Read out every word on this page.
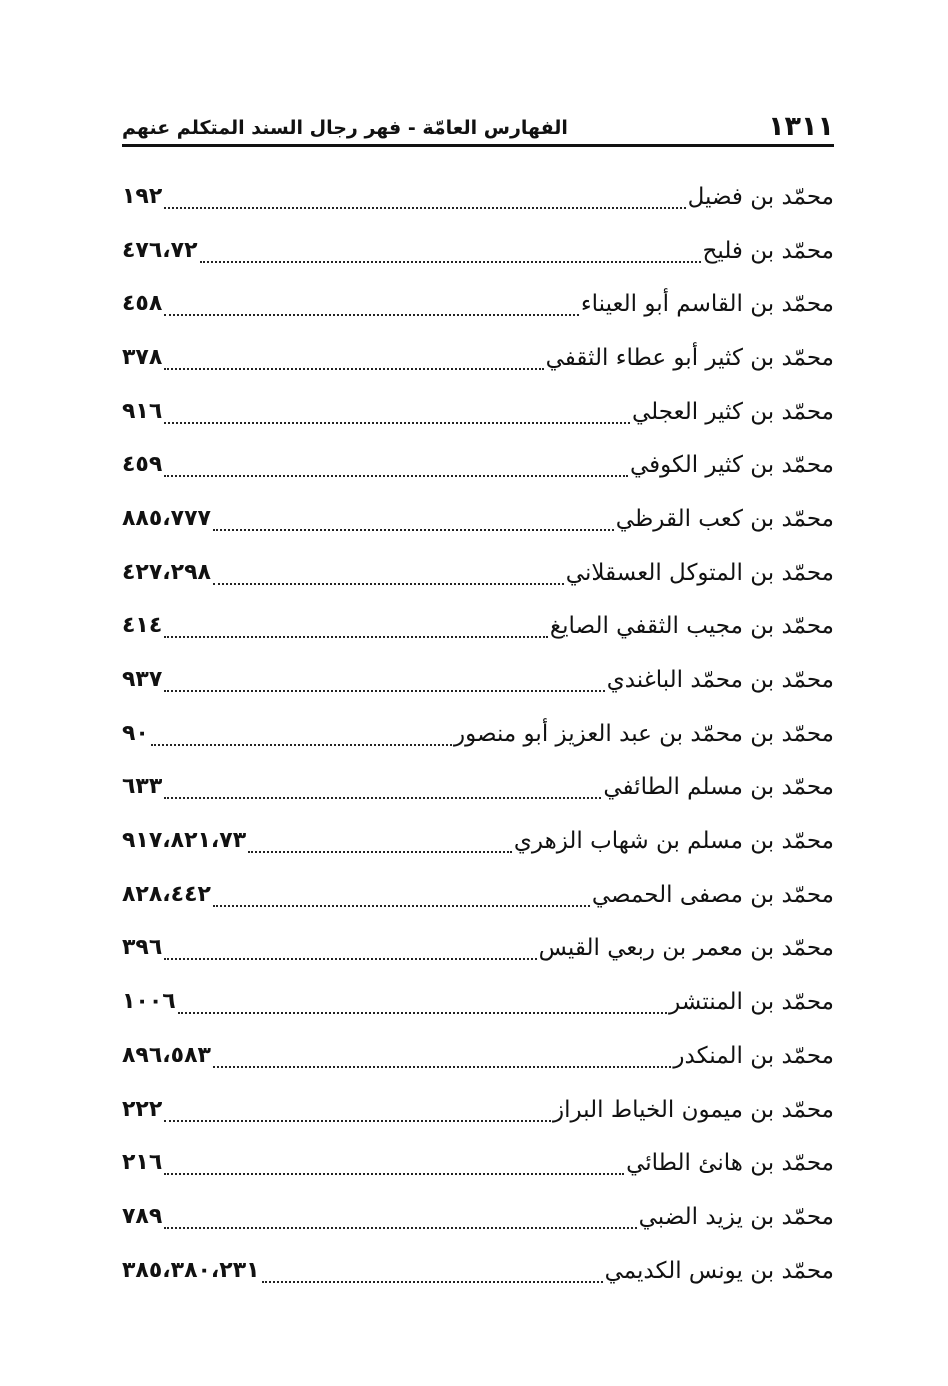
١٣١١
الفهارس العامّة - فهر رجال السند المتكلم عنهم
محمّد بن فضيل
١٩٢
محمّد بن فليح
٤٧٦،٧٢
محمّد بن القاسم أبو العيناء
٤٥٨
محمّد بن كثير أبو عطاء الثقفي
٣٧٨
محمّد بن كثير العجلي
٩١٦
محمّد بن كثير الكوفي
٤٥٩
محمّد بن كعب القرظي
٨٨٥،٧٧٧
محمّد بن المتوكل العسقلاني
٤٢٧،٢٩٨
محمّد بن مجيب الثقفي الصايغ
٤١٤
محمّد بن محمّد الباغندي
٩٣٧
محمّد بن محمّد بن عبد العزيز أبو منصور
٩٠
محمّد بن مسلم الطائفي
٦٣٣
محمّد بن مسلم بن شهاب الزهري
٩١٧،٨٢١،٧٣
محمّد بن مصفى الحمصي
٨٢٨،٤٤٢
محمّد بن معمر بن ربعي القيس
٣٩٦
محمّد بن المنتشر
١٠٠٦
محمّد بن المنكدر
٨٩٦،٥٨٣
محمّد بن ميمون الخياط البراز
٢٢٢
محمّد بن هانئ الطائي
٢١٦
محمّد بن يزيد الضبي
٧٨٩
محمّد بن يونس الكديمي
٣٨٥،٣٨٠،٢٣١
